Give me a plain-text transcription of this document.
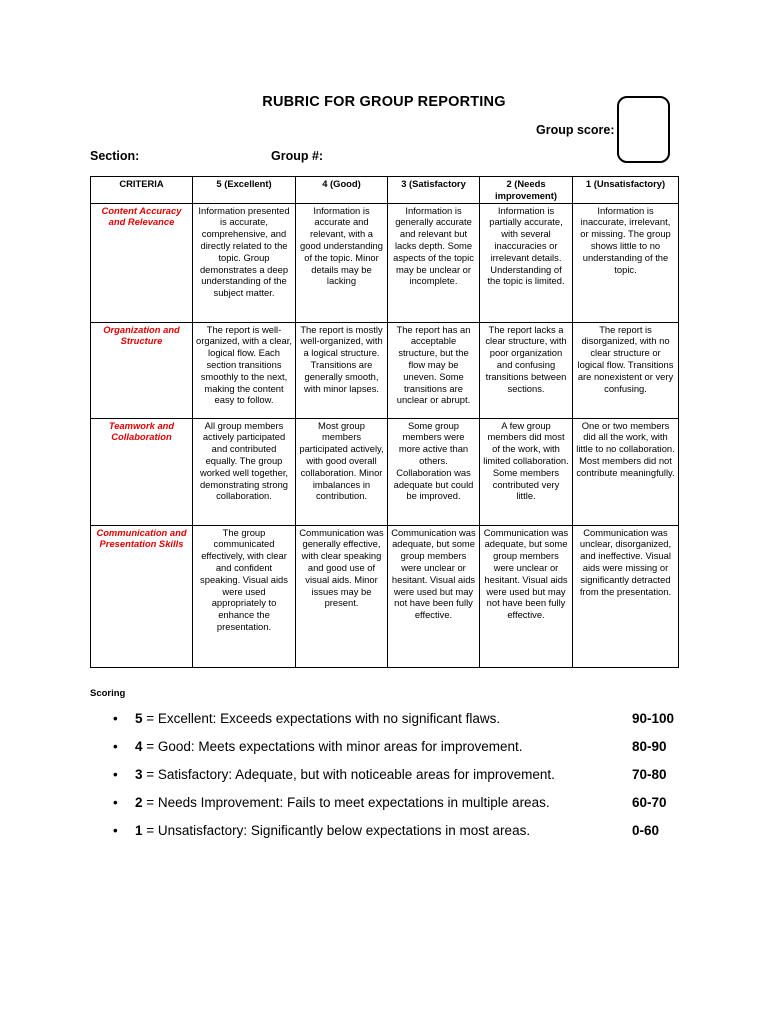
RUBRIC FOR GROUP REPORTING
Group score:
Section:	Group #:
CRITERIA	5 (Excellent)	4 (Good)	3 (Satisfactory	2 (Needs improvement)	1 (Unsatisfactory)
Content Accuracy and Relevance	Information presented is accurate, comprehensive, and directly related to the topic. Group demonstrates a deep understanding of the subject matter.	Information is accurate and relevant, with a good understanding of the topic. Minor details may be lacking	Information is generally accurate and relevant but lacks depth. Some aspects of the topic may be unclear or incomplete.	Information is partially accurate, with several inaccuracies or irrelevant details. Understanding of the topic is limited.	Information is inaccurate, irrelevant, or missing. The group shows little to no understanding of the topic.
Organization and Structure	The report is well-organized, with a clear, logical flow. Each section transitions smoothly to the next, making the content easy to follow.	The report is mostly well-organized, with a logical structure. Transitions are generally smooth, with minor lapses.	The report has an acceptable structure, but the flow may be uneven. Some transitions are unclear or abrupt.	The report lacks a clear structure, with poor organization and confusing transitions between sections.	The report is disorganized, with no clear structure or logical flow. Transitions are nonexistent or very confusing.
Teamwork and Collaboration	All group members actively participated and contributed equally. The group worked well together, demonstrating strong collaboration.	Most group members participated actively, with good overall collaboration. Minor imbalances in contribution.	Some group members were more active than others. Collaboration was adequate but could be improved.	A few group members did most of the work, with limited collaboration. Some members contributed very little.	One or two members did all the work, with little to no collaboration. Most members did not contribute meaningfully.
Communication and Presentation Skills	The group communicated effectively, with clear and confident speaking. Visual aids were used appropriately to enhance the presentation.	Communication was generally effective, with clear speaking and good use of visual aids. Minor issues may be present.	Communication was adequate, but some group members were unclear or hesitant. Visual aids were used but may not have been fully effective.	Communication was adequate, but some group members were unclear or hesitant. Visual aids were used but may not have been fully effective.	Communication was unclear, disorganized, and ineffective. Visual aids were missing or significantly detracted from the presentation.
Scoring
• 5 = Excellent: Exceeds expectations with no significant flaws.	90-100
• 4 = Good: Meets expectations with minor areas for improvement.	80-90
• 3 = Satisfactory: Adequate, but with noticeable areas for improvement.	70-80
• 2 = Needs Improvement: Fails to meet expectations in multiple areas.	60-70
• 1 = Unsatisfactory: Significantly below expectations in most areas.	0-60
